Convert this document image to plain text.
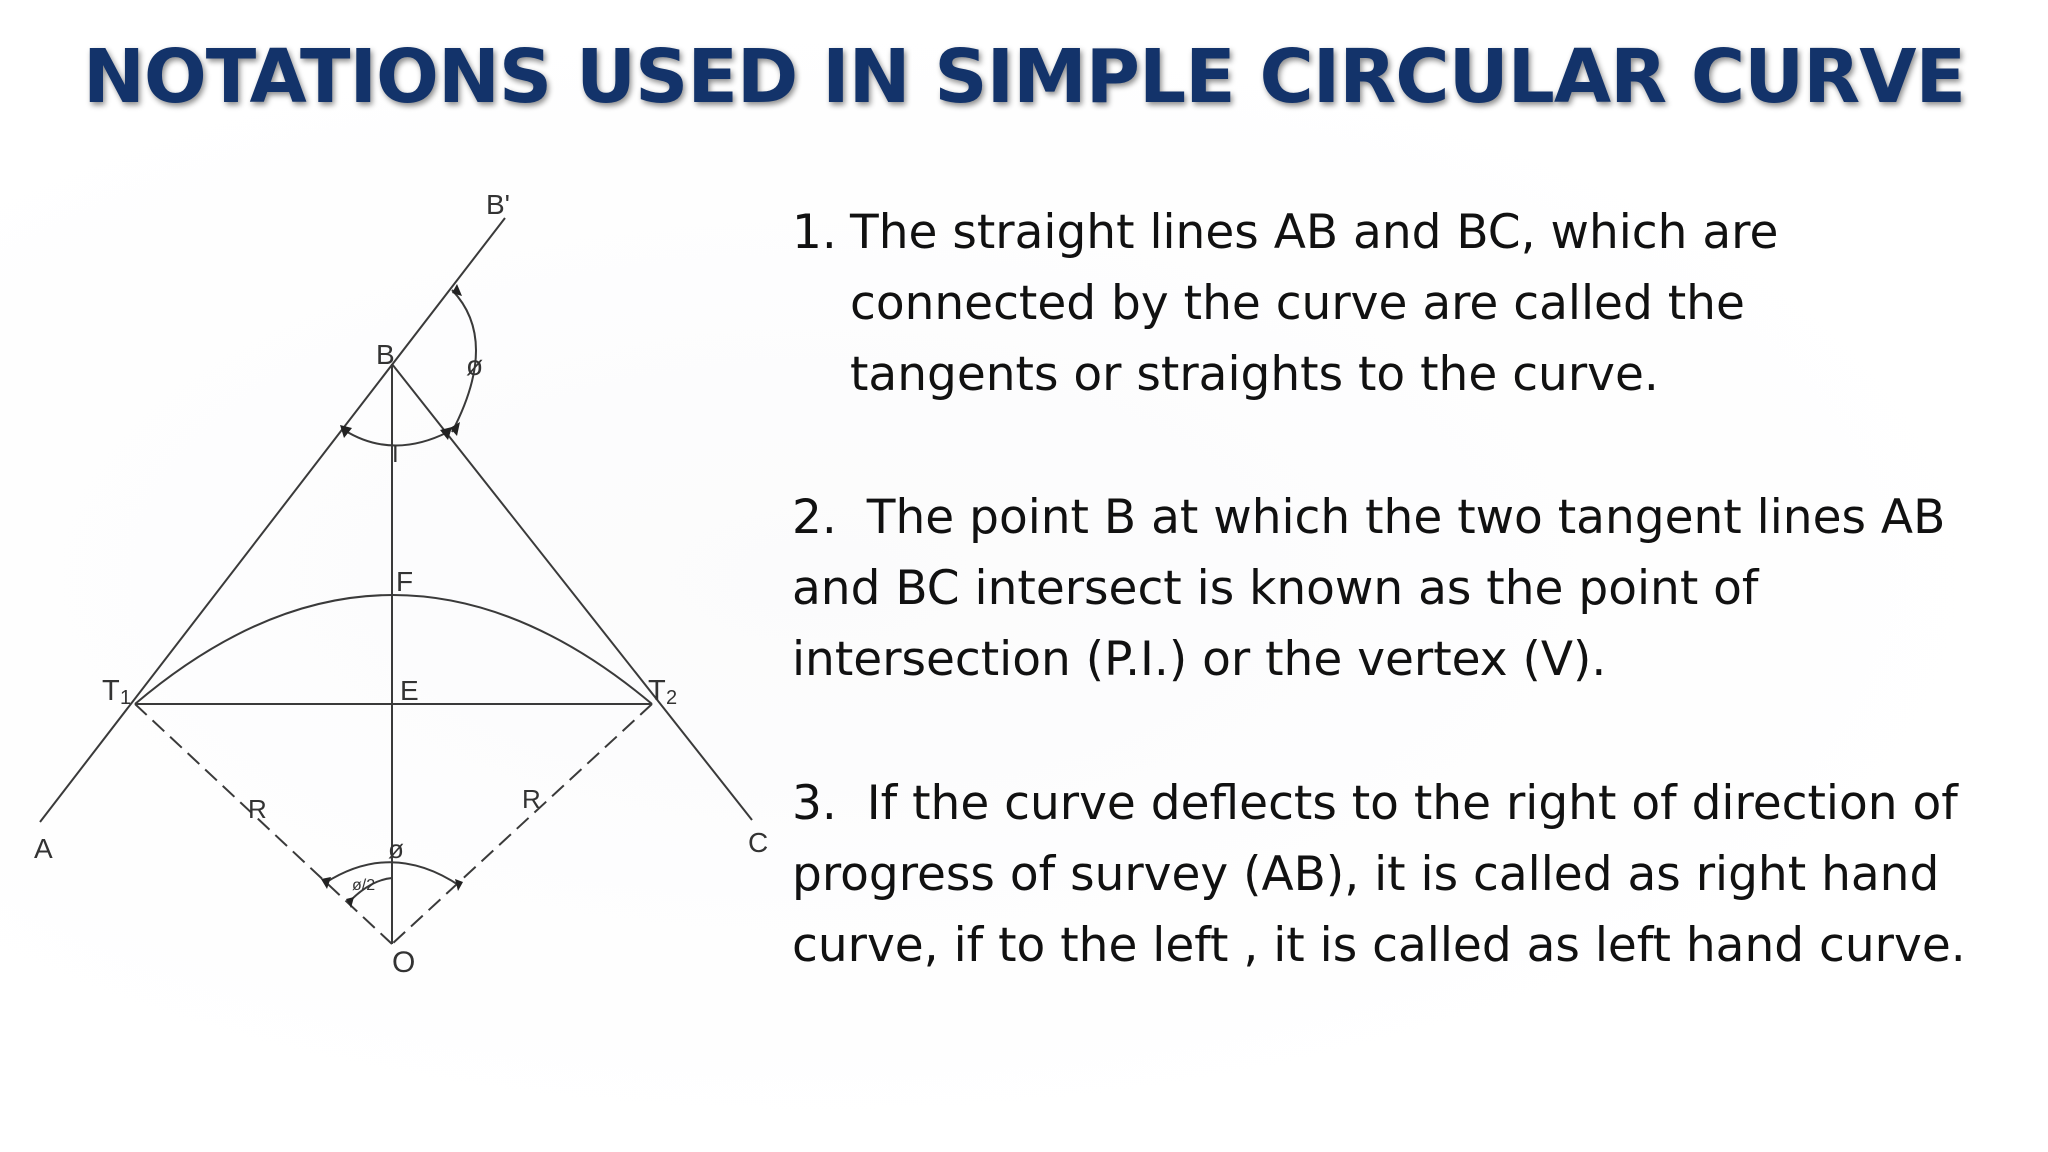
NOTATIONS USED IN SIMPLE CIRCULAR CURVE
B'
B	ø
I
F
T 1	T 2
E
R	R
A	C
ø
ø/2
O
1. The straight lines AB and BC, which are
connected by the curve are called the
tangents or straights to the curve.
2.  The point B at which the two tangent lines AB
and BC intersect is known as the point of
intersection (P.I.) or the vertex (V).
3.  If the curve deflects to the right of direction of
progress of survey (AB), it is called as right hand
curve, if to the left , it is called as left hand curve.
